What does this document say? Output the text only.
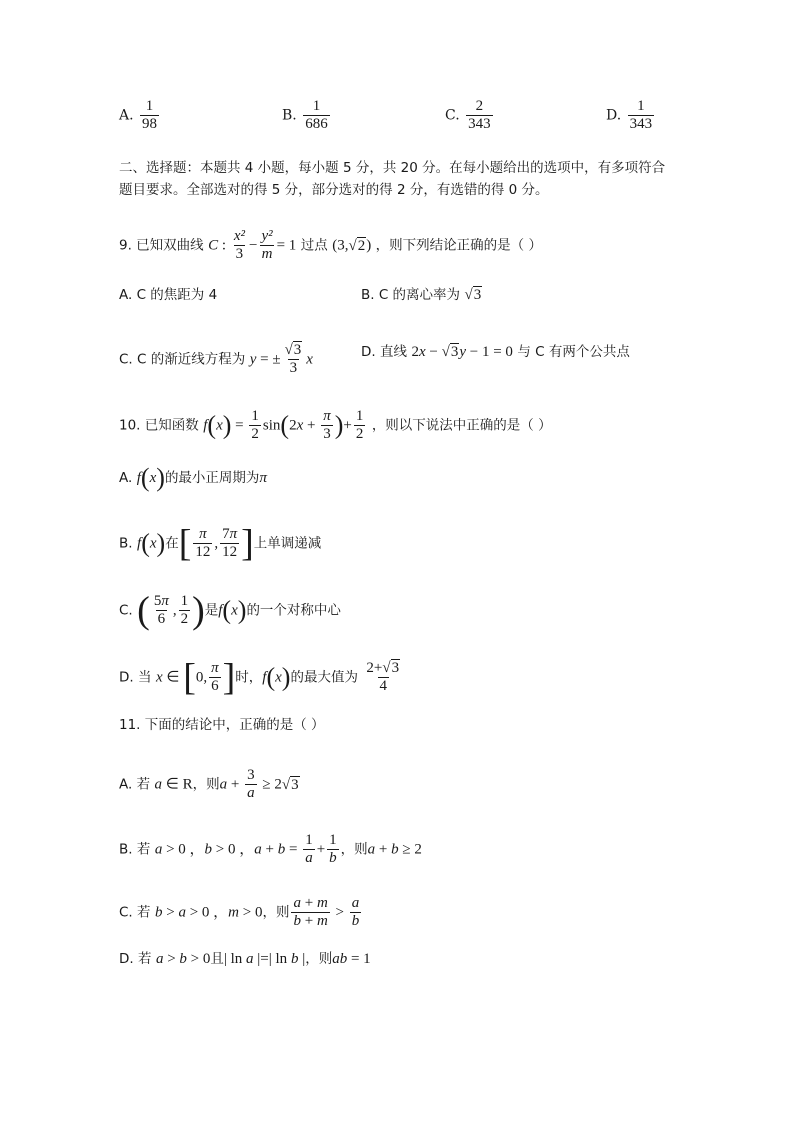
A. $\frac{1}{98}$	B. $\frac{1}{686}$	C. $\frac{2}{343}$	D. $\frac{1}{343}$
二、选择题：本题共 4 小题，每小题 5 分，共 20 分。在每小题给出的选项中，有多项符合
题目要求。全部选对的得 5 分，部分选对的得 2 分，有选错的得 0 分。
9. 已知双曲线 C : $\frac{\text{x²}}{3} - \frac{\text{y²}}{m} = 1$ 过点 (3,√2) ，则下列结论正确的是（ ）
A. C 的焦距为 4	B. C 的离心率为 √3
C. C 的渐近线方程为 y = ± $\frac{√3}{3}$ x	D. 直线 2x − √3y − 1 = 0 与 C 有两个公共点
10. 已知函数 $f(x) = \frac{1}{2} \sin(2x + \frac{\pi}{3}$ )+ $\frac{1}{2}$ ，则以下说法中正确的是（ ）
A. f(x)的最小正周期为π
B. f(x)在[ $\frac{\pi}{12}$ , $\frac{7\pi}{12}$ ]上单调递减
C. ( $\frac{5\pi}{6}$ , $\frac{1}{2}$ )是f(x)的一个对称中心
D. 当 x ∈ [0, $\frac{\pi}{6}$ ]时，f(x)的最大值为 $\frac{2+√3}{4}$
11. 下面的结论中，正确的是（ ）
A. 若 a ∈ R，则$a + \frac{3}{a} \ge 2√3$
B. 若 a > 0 ，b > 0 ，$a + b = \frac{1}{a} + \frac{1}{b}$ ，则a + b ≥ 2
C. 若 b > a > 0 ，m > 0，则 $\frac{a + m}{b + m} > \frac{a}{b}$
D. 若 a > b > 0且| ln a |=| ln b |，则ab = 1
